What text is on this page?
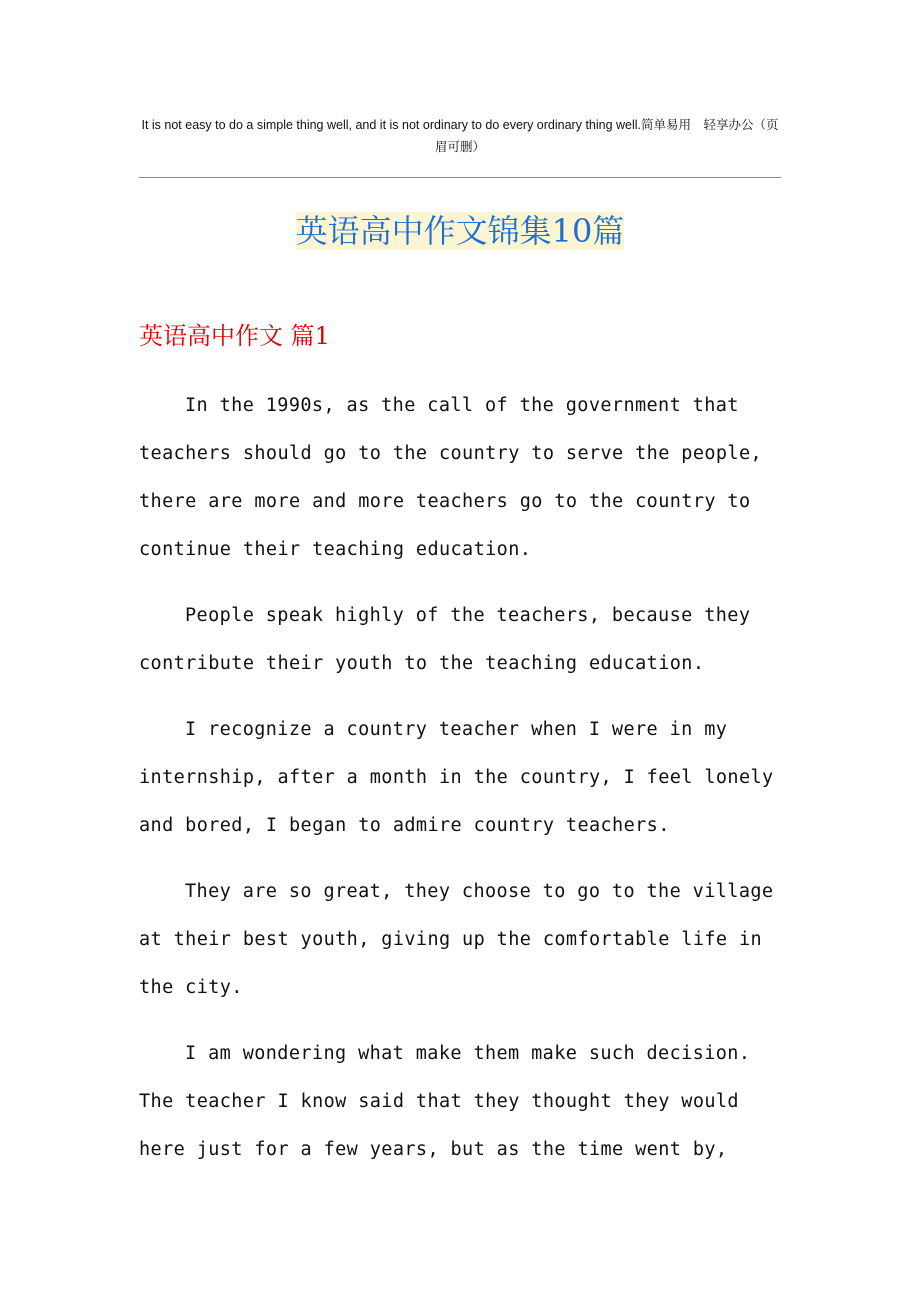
It is not easy to do a simple thing well, and it is not ordinary to do every ordinary thing well.简单易用　轻享办公（页眉可删）
英语高中作文锦集10篇
英语高中作文 篇1

In the 1990s, as the call of the government that
teachers should go to the country to serve the people,
there are more and more teachers go to the country to
continue their teaching education.

People speak highly of the teachers, because they
contribute their youth to the teaching education.

I recognize a country teacher when I were in my
internship, after a month in the country, I feel lonely
and bored, I began to admire country teachers.

They are so great, they choose to go to the village
at their best youth, giving up the comfortable life in
the city.

I am wondering what make them make such decision.
The teacher I know said that they thought they would
here just for a few years, but as the time went by,
